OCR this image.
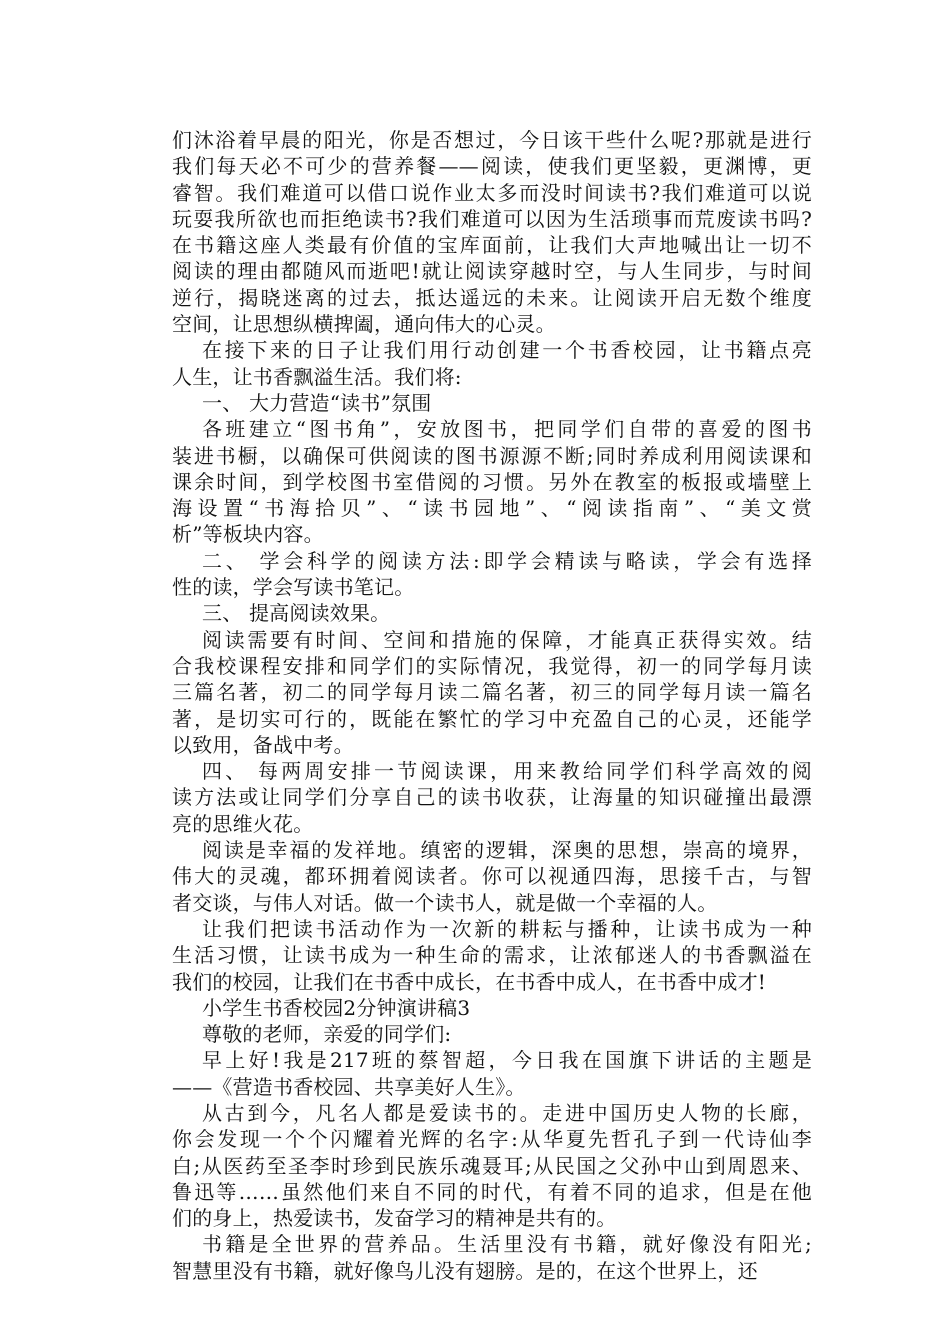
们沐浴着早晨的阳光，你是否想过，今日该干些什么呢?那就是进行
我们每天必不可少的营养餐——阅读，使我们更坚毅，更渊博，更
睿智。我们难道可以借口说作业太多而没时间读书?我们难道可以说
玩耍我所欲也而拒绝读书?我们难道可以因为生活琐事而荒废读书吗?
在书籍这座人类最有价值的宝库面前，让我们大声地喊出让一切不
阅读的理由都随风而逝吧!就让阅读穿越时空，与人生同步，与时间
逆行，揭晓迷离的过去，抵达遥远的未来。让阅读开启无数个维度
空间，让思想纵横捭阖，通向伟大的心灵。
在接下来的日子让我们用行动创建一个书香校园，让书籍点亮
人生，让书香飘溢生活。我们将:
一、 大力营造“读书”氛围
各班建立“图书角”，安放图书，把同学们自带的喜爱的图书
装进书橱，以确保可供阅读的图书源源不断;同时养成利用阅读课和
课余时间，到学校图书室借阅的习惯。另外在教室的板报或墙壁上
海设置“书海拾贝”、“读书园地”、“阅读指南”、“美文赏
析”等板块内容。
二、 学会科学的阅读方法:即学会精读与略读，学会有选择
性的读，学会写读书笔记。
三、 提高阅读效果。
阅读需要有时间、空间和措施的保障，才能真正获得实效。结
合我校课程安排和同学们的实际情况，我觉得，初一的同学每月读
三篇名著，初二的同学每月读二篇名著，初三的同学每月读一篇名
著，是切实可行的，既能在繁忙的学习中充盈自己的心灵，还能学
以致用，备战中考。
四、 每两周安排一节阅读课，用来教给同学们科学高效的阅
读方法或让同学们分享自己的读书收获，让海量的知识碰撞出最漂
亮的思维火花。
阅读是幸福的发祥地。缜密的逻辑，深奥的思想，崇高的境界，
伟大的灵魂，都环拥着阅读者。你可以视通四海，思接千古，与智
者交谈，与伟人对话。做一个读书人，就是做一个幸福的人。
让我们把读书活动作为一次新的耕耘与播种，让读书成为一种
生活习惯，让读书成为一种生命的需求，让浓郁迷人的书香飘溢在
我们的校园，让我们在书香中成长，在书香中成人，在书香中成才!
小学生书香校园2分钟演讲稿3
尊敬的老师，亲爱的同学们:
早上好!我是217班的蔡智超，今日我在国旗下讲话的主题是
——《营造书香校园、共享美好人生》。
从古到今，凡名人都是爱读书的。走进中国历史人物的长廊，
你会发现一个个闪耀着光辉的名字:从华夏先哲孔子到一代诗仙李
白;从医药至圣李时珍到民族乐魂聂耳;从民国之父孙中山到周恩来、
鲁迅等……虽然他们来自不同的时代，有着不同的追求，但是在他
们的身上，热爱读书，发奋学习的精神是共有的。
书籍是全世界的营养品。生活里没有书籍，就好像没有阳光;
智慧里没有书籍，就好像鸟儿没有翅膀。是的，在这个世界上，还
